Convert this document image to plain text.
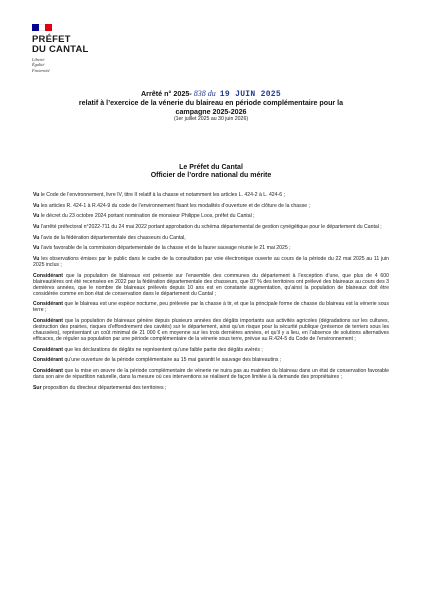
PRÉFET
DU CANTAL
Liberté
Égalité
Fraternité
Arrêté n° 2025- 838 du 19 JUIN 2025
relatif à l’exercice de la vénerie du blaireau en période complémentaire pour la
campagne 2025-2026
(1er juillet 2025 au 30 juin 2026)
Le Préfet du Cantal
Officier de l’ordre national du mérite

Vu le Code de l’environnement, livre IV, titre II relatif à la chasse et notamment les articles L. 424-2 à L. 424-6 ;

Vu les articles R. 424-1 à R.424-9 du code de l’environnement fixant les modalités d’ouverture et de clôture de la chasse ;

Vu le décret du 23 octobre 2024 portant nomination de monsieur Philippe Loos, préfet du Cantal ;

Vu l’arrêté préfectoral n°2022-711 du 24 mai 2022 portant approbation du schéma départemental de gestion cynégétique pour le département du Cantal ;

Vu l’avis de la fédération départementale des chasseurs du Cantal,

Vu l’avis favorable de la commission départementale de la chasse et de la faune sauvage réunie le 21 mai 2025 ;

Vu les observations émises par le public dans le cadre de la consultation par voie électronique ouverte au cours de la période du 22 mai 2025 au 11 juin 2025 inclus ;

Considérant que la population de blaireaux est présente sur l’ensemble des communes du département à l’exception d’une, que plus de 4 600 blaireautières ont été recensées en 2022 par la fédération départementale des chasseurs, que 87 % des territoires ont prélevé des blaireaux au cours des 3 dernières années, que le nombre de blaireaux prélevés depuis 10 ans est en constante augmentation, qu’ainsi la population de blaireaux doit être considérée comme en bon état de conservation dans le département du Cantal ;

Considérant que le blaireau est une espèce nocturne, peu prélevée par la chasse à tir, et que la principale forme de chasse du blaireau est la vénerie sous terre ;

Considérant que la population de blaireaux génère depuis plusieurs années des dégâts importants aux activités agricoles (dégradations sur les cultures, destruction des prairies, risques d’effondrement des cavités) sur le département, ainsi qu’un risque pour la sécurité publique (présence de terriers sous les chaussées), représentant un coût minimal de 21 000 € en moyenne sur les trois dernières années, et qu’il y a lieu, en l’absence de solutions alternatives efficaces, de réguler sa population par une période complémentaire de la vénerie sous terre, prévue au R.424-5 du Code de l’environnement ;

Considérant que les déclarations de dégâts ne représentent qu’une faible partie des dégâts avérés ;

Considérant qu’une ouverture de la période complémentaire au 15 mai garantit le sauvage des blaireautins ;

Considérant que la mise en œuvre de la période complémentaire de vénerie ne nuira pas au maintien du blaireau dans un état de conservation favorable dans son aire de répartition naturelle, dans la mesure où ces interventions se réalisent de façon limitée à la demande des propriétaires ;

Sur proposition du directeur départemental des territoires ;
